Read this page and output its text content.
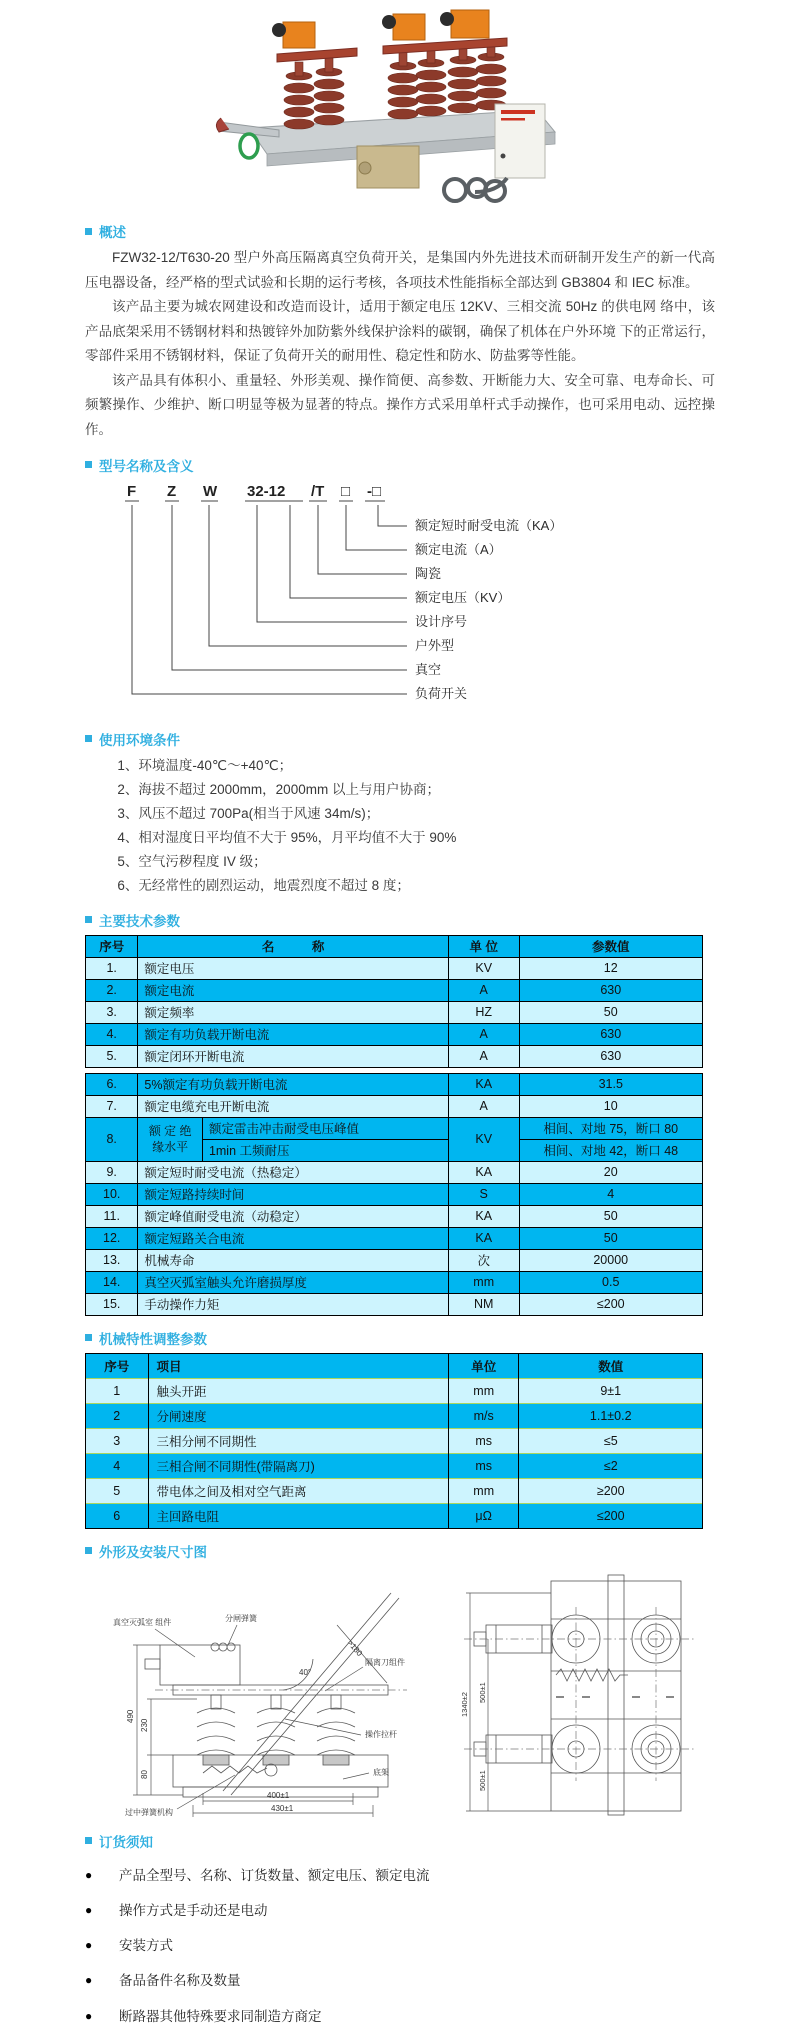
概述

FZW32-12/T630-20 型户外高压隔离真空负荷开关，是集国内外先进技术而研制开发生产的新一代高压电器设备，经严格的型式试验和长期的运行考核，各项技术性能指标全部达到 GB3804 和 IEC 标准。

该产品主要为城农网建设和改造而设计，适用于额定电压 12KV、三相交流 50Hz 的供电网 络中，该产品底架采用不锈钢材料和热镀锌外加防紫外线保护涂料的碳钢，确保了机体在户外环境 下的正常运行，零部件采用不锈钢材料，保证了负荷开关的耐用性、稳定性和防水、防盐雾等性能。

该产品具有体积小、重量轻、外形美观、操作简便、高参数、开断能力大、安全可靠、电寿命长、可频繁操作、少维护、断口明显等极为显著的特点。操作方式采用单杆式手动操作，也可采用电动、远控操作。

型号名称及含义
F Z W 32-12 /T □ -□
额定短时耐受电流（KA）
额定电流（A）
陶瓷
额定电压（KV）
设计序号
户外型
真空
负荷开关
使用环境条件
1、环境温度-40℃～+40℃；
2、海拔不超过 2000mm，2000mm 以上与用户协商；
3、风压不超过 700Pa(相当于风速 34m/s)；
4、相对湿度日平均值不大于 95%，月平均值不大于 90%
5、空气污秽程度 IV 级；
6、无经常性的剧烈运动，地震烈度不超过 8 度；
主要技术参数
序号	名　　　称	单 位	参数值
1.	额定电压	KV	12
2.	额定电流	A	630
3.	额定频率	HZ	50
4.	额定有功负载开断电流	A	630
5.	额定闭环开断电流	A	630
6.	5%额定有功负载开断电流		KA	31.5
7.	额定电缆充电开断电流		A	10
8.	额 定 绝 缘水平	额定雷击冲击耐受电压峰值	KV	相间、对地 75，断口 80
		1min 工频耐压		相间、对地 42，断口 48
9.	额定短时耐受电流（热稳定）		KA	20
10.	额定短路持续时间		S	4
11.	额定峰值耐受电流（动稳定）		KA	50
12.	额定短路关合电流		KA	50
13.	机械寿命		次	20000
14.	真空灭弧室触头允许磨损厚度		mm	0.5
15.	手动操作力矩		NM	≤200
机械特性调整参数
序号	项目	单位	数值
1	触头开距	mm	9±1
2	分闸速度	m/s	1.1±0.2
3	三相分闸不同期性	ms	≤5
4	三相合闸不同期性(带隔离刀)	ms	≤2
5	带电体之间及相对空气距离	mm	≥200
6	主回路电阻	μΩ	≤200
外形及安装尺寸图
真空灭弧室 组件	分闸弹簧
隔离刀组件
操作拉杆
底架
过中弹簧机构
40°
>180
490
230
80
400±1
430±1
1340±2 500±1
500±1
订货须知
●	产品全型号、名称、订货数量、额定电压、额定电流
●	操作方式是手动还是电动
●	安装方式
●	备品备件名称及数量
●	断路器其他特殊要求同制造方商定
